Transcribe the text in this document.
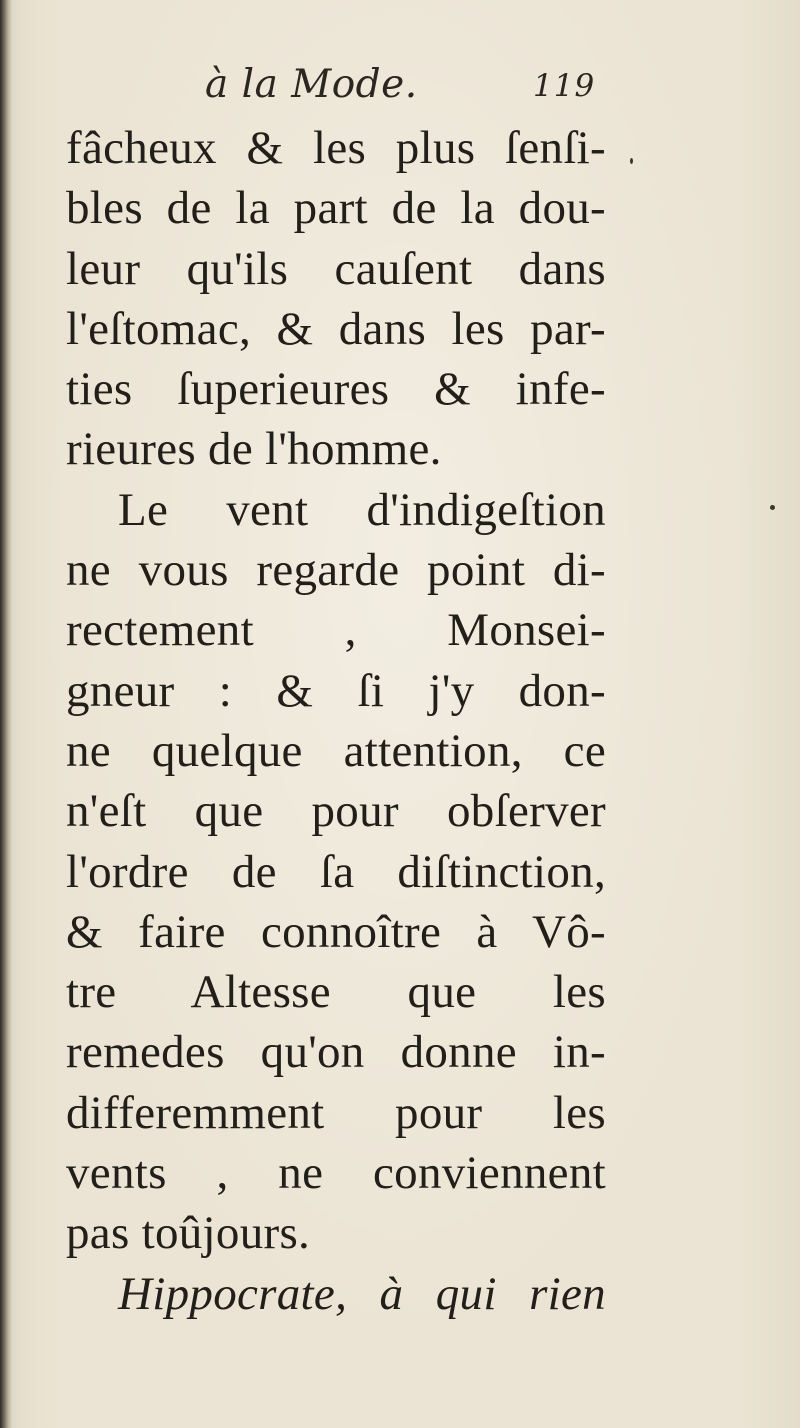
à la Mode.	119
fâcheux & les plus ſenſi-
bles de la part de la dou-
leur qu'ils cauſent dans
l'eſtomac, & dans les par-
ties ſuperieures & infe-
rieures de l'homme.
Le vent d'indigeſtion
ne vous regarde point di-
rectement , Monsei-
gneur : & ſi j'y don-
ne quelque attention, ce
n'eſt que pour obſerver
l'ordre de ſa diſtinction,
& faire connoître à Vô-
tre Altesse que les
remedes qu'on donne in-
differemment pour les
vents , ne conviennent
pas toûjours.
Hippocrate, à qui rien
